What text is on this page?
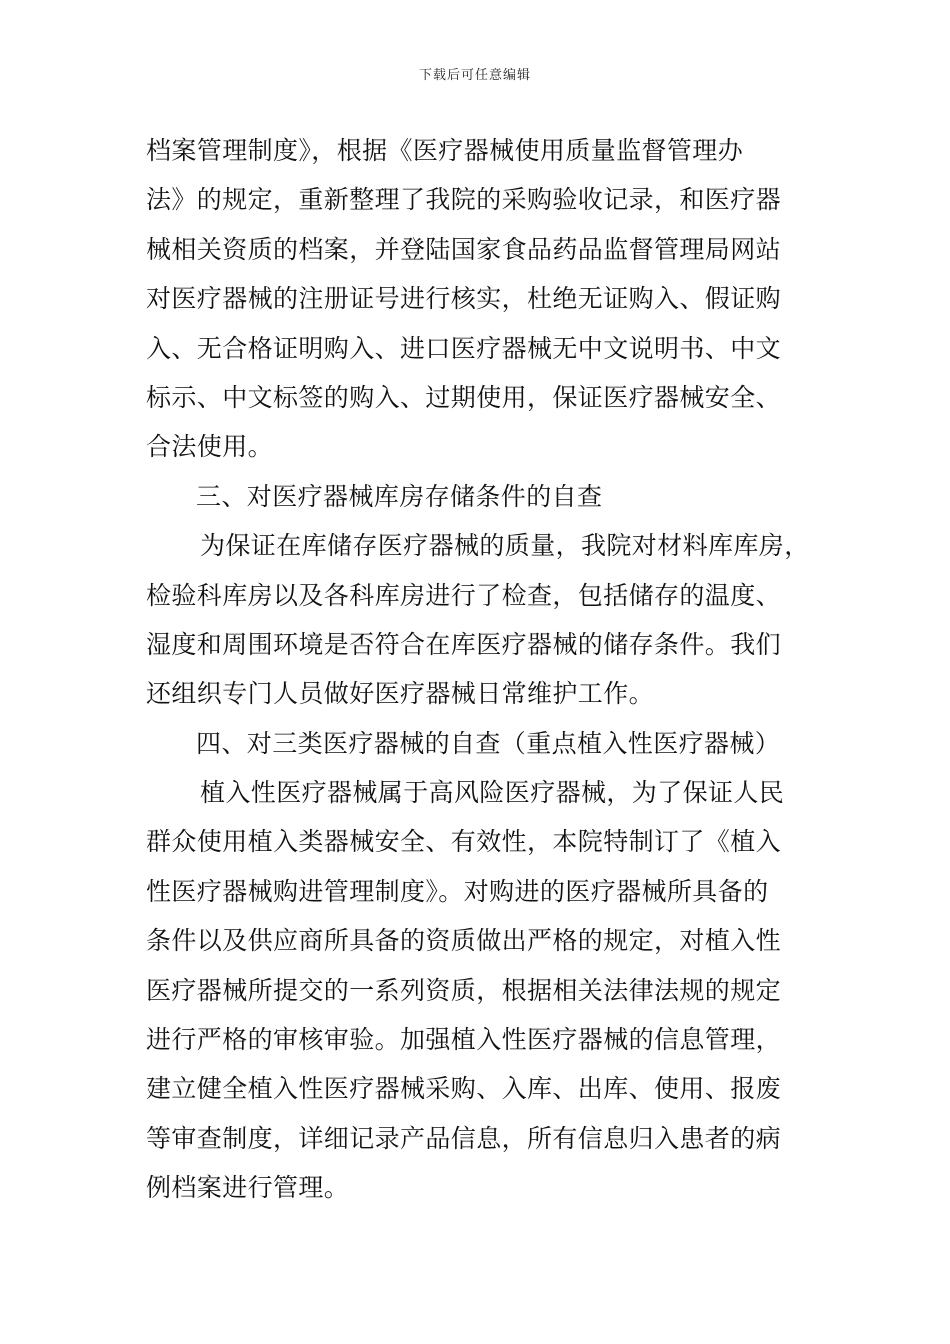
下载后可任意编辑
档案管理制度》，根据《医疗器械使用质量监督管理办
法》的规定，重新整理了我院的采购验收记录，和医疗器
械相关资质的档案，并登陆国家食品药品监督管理局网站
对医疗器械的注册证号进行核实，杜绝无证购入、假证购
入、无合格证明购入、进口医疗器械无中文说明书、中文
标示、中文标签的购入、过期使用，保证医疗器械安全、
合法使用。
三、对医疗器械库房存储条件的自查
为保证在库储存医疗器械的质量，我院对材料库库房，
检验科库房以及各科库房进行了检查，包括储存的温度、
湿度和周围环境是否符合在库医疗器械的储存条件。我们
还组织专门人员做好医疗器械日常维护工作。
四、对三类医疗器械的自查（重点植入性医疗器械）
植入性医疗器械属于高风险医疗器械，为了保证人民
群众使用植入类器械安全、有效性，本院特制订了《植入
性医疗器械购进管理制度》。对购进的医疗器械所具备的
条件以及供应商所具备的资质做出严格的规定，对植入性
医疗器械所提交的一系列资质，根据相关法律法规的规定
进行严格的审核审验。加强植入性医疗器械的信息管理，
建立健全植入性医疗器械采购、入库、出库、使用、报废
等审查制度，详细记录产品信息，所有信息归入患者的病
例档案进行管理。
